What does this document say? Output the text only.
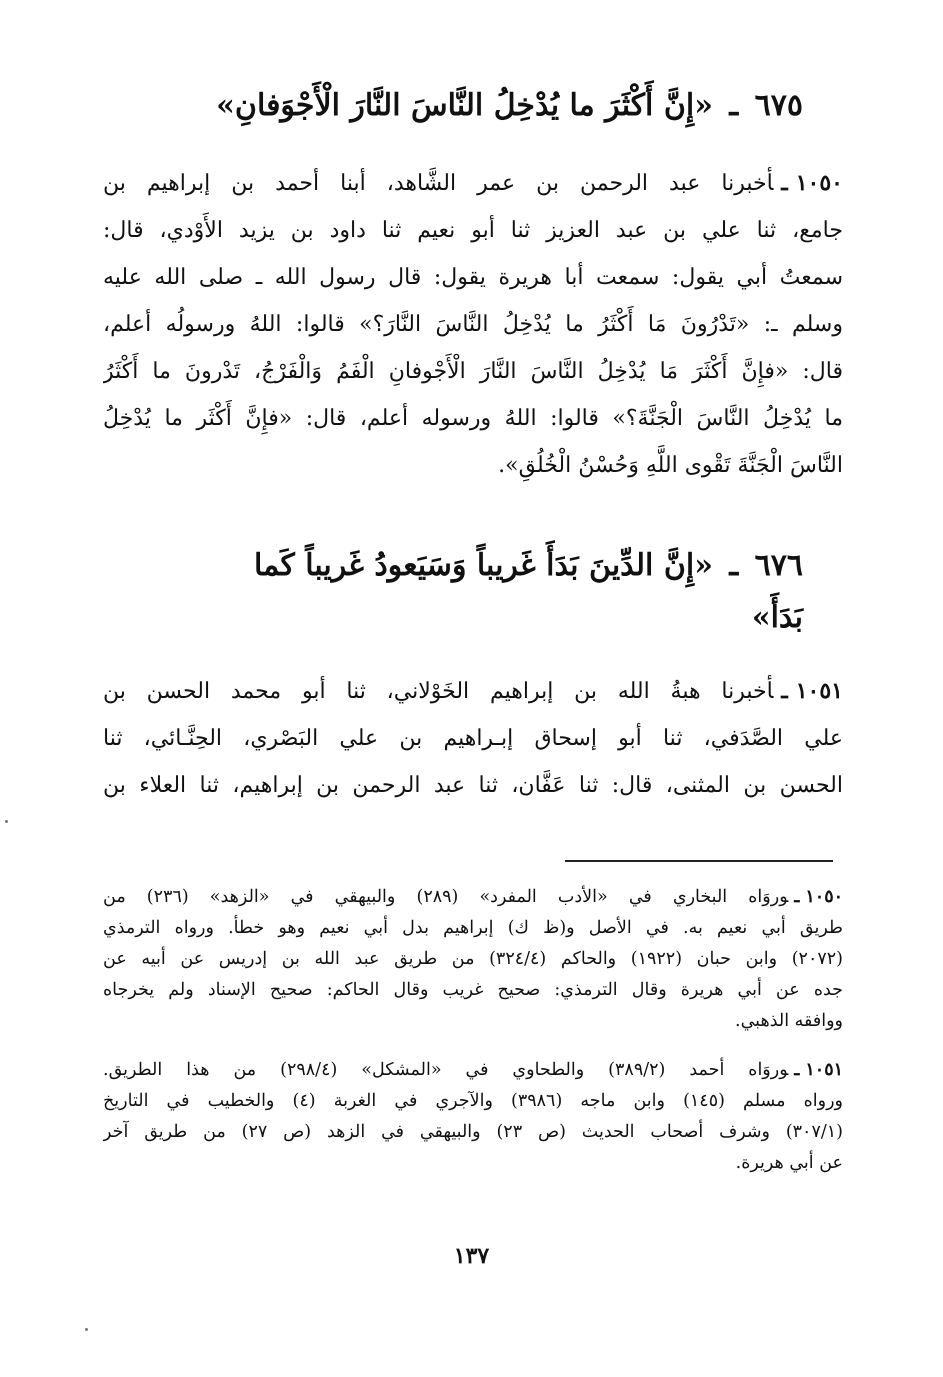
٦٧٥ ـ «إِنَّ أَكْثَرَ ما يُدْخِلُ النَّاسَ النَّارَ الْأَجْوَفانِ»
١٠٥٠ـأخبرنا عبد الرحمن بن عمر الشَّاهد، أبنا أحمد بن إبراهيم بن
جامع، ثنا علي بن عبد العزيز ثنا أبو نعيم ثنا داود بن يزيد الأَوْدي، قال:
سمعتُ أبي يقول: سمعت أبا هريرة يقول: قال رسول الله ـ صلى الله عليه
وسلم ـ: «تَدْرُونَ مَا أَكْثَرُ ما يُدْخِلُ النَّاسَ النَّارَ؟» قالوا: اللهُ ورسولُه أعلم،
قال: «فإِنَّ أَكْثَرَ مَا يُدْخِلُ النَّاسَ النَّارَ الْأَجْوفانِ الْفَمُ وَالْفَرْجُ، تَدْرونَ ما أَكْثَرُ
ما يُدْخِلُ النَّاسَ الْجَنَّةَ؟» قالوا: اللهُ ورسوله أعلم، قال: «فإِنَّ أَكْثَر ما يُدْخِلُ
النَّاسَ الْجَنَّةَ تَقْوى اللَّهِ وَحُسْنُ الْخُلُقِ».
٦٧٦ ـ «إِنَّ الدِّينَ بَدَأَ غَريباً وَسَيَعودُ غَريباً كَما
بَدَأَ»
١٠٥١ـأخبرنا هبةُ الله بن إبراهيم الخَوْلاني، ثنا أبو محمد الحسن بن
علي الصَّدَفي، ثنا أبو إسحاق إبـراهيم بن علي البَصْري، الحِنَّـائي، ثنا
الحسن بن المثنى، قال: ثنا عَفَّان، ثنا عبد الرحمن بن إبراهيم، ثنا العلاء بن
١٠٥٠ـوروَاه البخاري في «الأدب المفرد» (٢٨٩) والبيهقي في «الزهد» (٢٣٦) من
طريق أبي نعيم به. في الأصل و(ظ ك) إبراهيم بدل أبي نعيم وهو خطأ. ورواه الترمذي
(٢٠٧٢) وابن حبان (١٩٢٢) والحاكم (٣٢٤/٤) من طريق عبد الله بن إدريس عن أبيه عن
جده عن أبي هريرة وقال الترمذي: صحيح غريب وقال الحاكم: صحيح الإسناد ولم يخرجاه
ووافقه الذهبي.
١٠٥١ـوروَاه أحمد (٣٨٩/٢) والطحاوي في «المشكل» (٢٩٨/٤) من هذا الطريق.
ورواه مسلم (١٤٥) وابن ماجه (٣٩٨٦) والآجري في الغربة (٤) والخطيب في التاريخ
(٣٠٧/١) وشرف أصحاب الحديث (ص ٢٣) والبيهقي في الزهد (ص ٢٧) من طريق آخر
عن أبي هريرة.
١٣٧
